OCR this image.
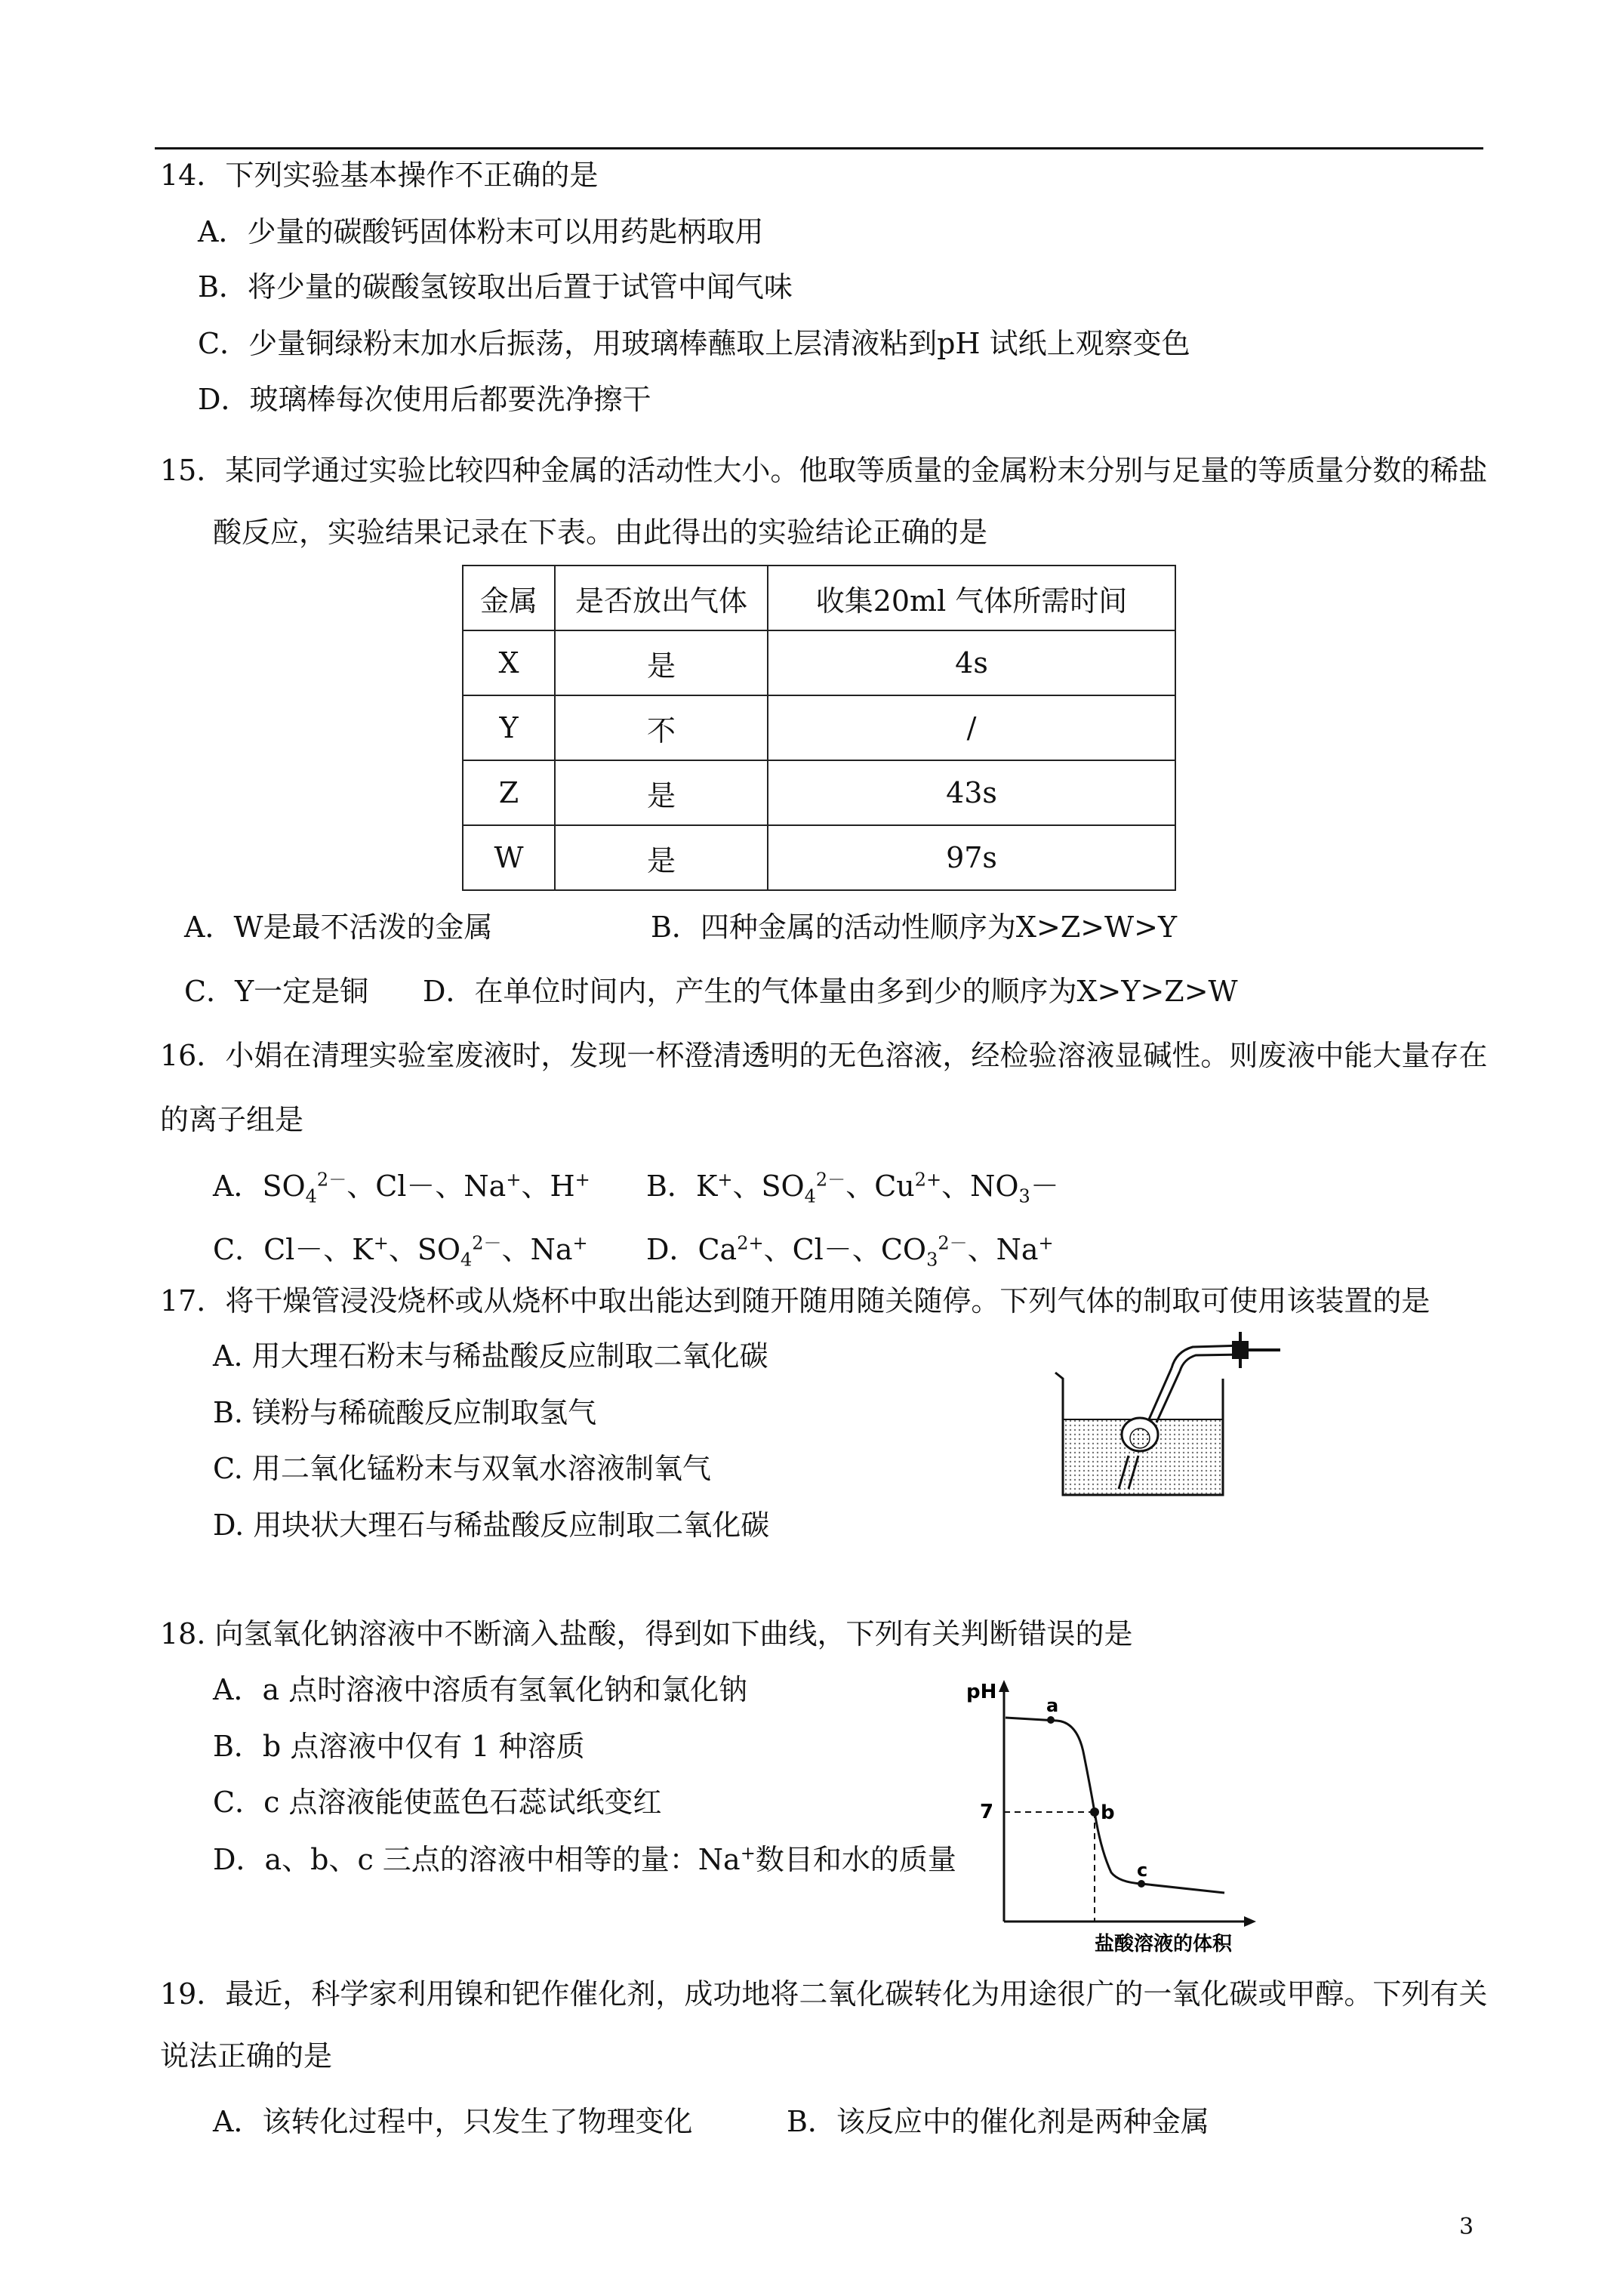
14．下列实验基本操作不正确的是
A．少量的碳酸钙固体粉末可以用药匙柄取用
B．将少量的碳酸氢铵取出后置于试管中闻气味
C．少量铜绿粉末加水后振荡，用玻璃棒蘸取上层清液粘到pH 试纸上观察变色
D．玻璃棒每次使用后都要洗净擦干
15．某同学通过实验比较四种金属的活动性大小。他取等质量的金属粉末分别与足量的等质量分数的稀盐
酸反应，实验结果记录在下表。由此得出的实验结论正确的是
金属	是否放出气体	收集20ml 气体所需时间
X	是	4s
Y	不	/
Z	是	43s
W	是	97s
A．W是最不活泼的金属	B．四种金属的活动性顺序为X>Z>W>Y
C．Y一定是铜 D．在单位时间内，产生的气体量由多到少的顺序为X>Y>Z>W
16．小娟在清理实验室废液时，发现一杯澄清透明的无色溶液，经检验溶液显碱性。则废液中能大量存在
的离子组是
A．$SO_4^{2-}$、Cl－、Na+、H+ B．K+、$SO_4^{2-}$、$Cu^{2+}$、$NO_3-$
C．Cl－、K+、$SO_4^{2-}$、Na+ D．$Ca^{2+}$、Cl－、$CO_3^{2-}$、Na+
17．将干燥管浸没烧杯或从烧杯中取出能达到随开随用随关随停。下列气体的制取可使用该装置的是
A. 用大理石粉末与稀盐酸反应制取二氧化碳
B. 镁粉与稀硫酸反应制取氢气
C. 用二氧化锰粉末与双氧水溶液制氧气
D. 用块状大理石与稀盐酸反应制取二氧化碳
18. 向氢氧化钠溶液中不断滴入盐酸，得到如下曲线，下列有关判断错误的是
A．a 点时溶液中溶质有氢氧化钠和氯化钠
B．b 点溶液中仅有 1 种溶质
C．c 点溶液能使蓝色石蕊试纸变红
D．a、b、c 三点的溶液中相等的量：Na+数目和水的质量
pH
7
a
b
c
盐酸溶液的体积
19．最近，科学家利用镍和钯作催化剂，成功地将二氧化碳转化为用途很广的一氧化碳或甲醇。下列有关
说法正确的是
A．该转化过程中，只发生了物理变化	B．该反应中的催化剂是两种金属
3
